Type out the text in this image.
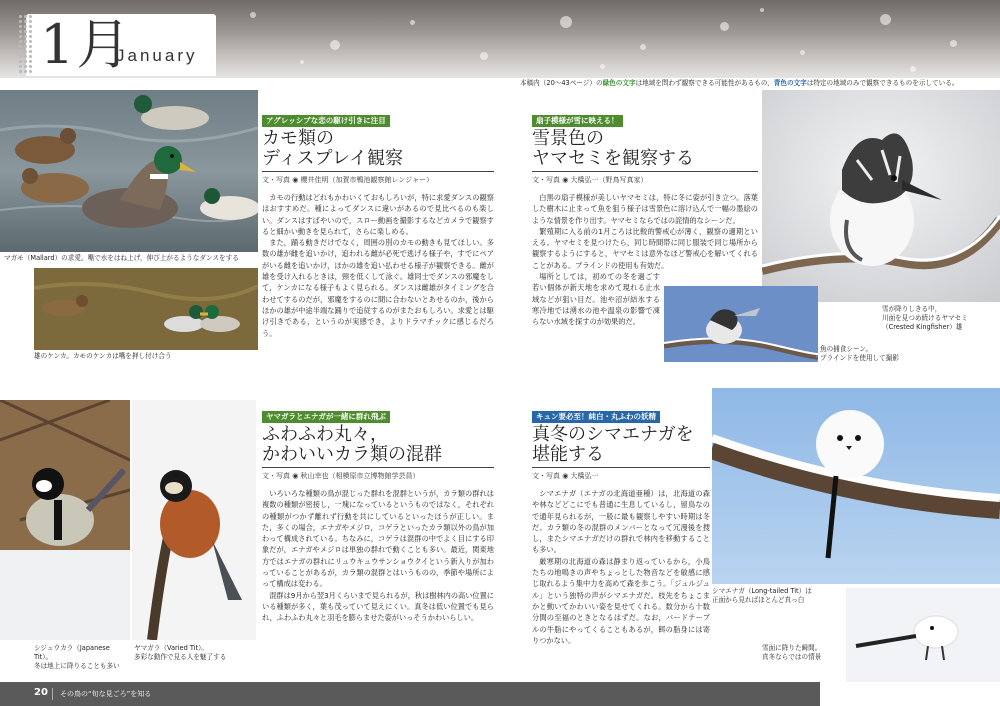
1月
January
本稿内（20～43ページ）の緑色の文字は地域を問わず観察できる可能性があるもの，青色の文字は特定の地域のみで観察できるものを示している。
マガモ（Mallard）の求愛。嘴で水をはね上げ，伸び上がるようなダンスをする
雄のケンカ。カモのケンカは嘴を押し付け合う
アグレッシブな恋の駆け引きに注目
カモ類の
ディスプレイ観察
文・写真 ◉ 櫻井佳明（加賀市鴨池観察館レンジャー）

カモの行動はどれもかわいくておもしろいが，特に求愛ダンスの観察はおすすめだ。種によってダンスに違いがあるので見比べるのも楽しい。ダンスはすばやいので，スロー動画を撮影するなどカメラで観察すると細かい動きを見られて，さらに楽しめる。

また，踊る動きだけでなく，周囲の別のカモの動きも見てほしい。多数の雄が雌を追いかけ，追われる雌が必死で逃げる様子や，すでにペアがいる雌を追いかけ，ほかの雄を追い払わせる様子が観察できる。雌が雄を受け入れるときは，頸を低くして泳ぐ。雄同士でダンスの邪魔をして，ケンカになる様子もよく見られる。ダンスは雌雄がタイミングを合わせてするのだが，邪魔をするのに間に合わないとあせるのか，後からほかの雄が中途半端な踊りで追従するのがまたおもしろい。求愛とは駆け引きである，というのが実感でき，よりドラマチックに感じるだろう。

扇子模様が雪に映える！
雪景色の
ヤマセミを観察する
文・写真 ◉ 大橋弘一（野鳥写真家）

白黒の扇子模様が美しいヤマセミは，特に冬に姿が引き立つ。落葉した樹木に止まって魚を狙う様子は雪景色に溶け込んで一幅の墨絵のような情景を作り出す。ヤマセミならではの詫情的なシーンだ。

繁殖期に入る前の1月ころは比較的警戒心が薄く，観察の適期といえる。ヤマセミを見つけたら，同じ時間帯に同じ服装で同じ場所から観察するようにすると，ヤマセミは意外なほど警戒心を解いてくれることがある。ブラインドの使用も有効だ。

場所としては，初めての冬を過ごす若い個体が新天地を求めて現れる止水域などが狙い目だ。池や沼が結氷する寒冷地では湧水の池や温泉の影響で凍らない水域を探すのが効果的だ。

雪が降りしきる中，
川面を見つめ続けるヤマセミ
（Crested Kingfisher）雄
魚の捕食シーン。
ブラインドを使用して撮影
シジュウカラ（Japanese Tit）。
冬は地上に降りることも多い
ヤマガラ（Varied Tit）。
多彩な動作で見る人を魅了する
ヤマガラとエナガが一緒に群れ飛ぶ
ふわふわ丸々，
かわいいカラ類の混群
文・写真 ◉ 秋山幸也（相模原市立博物館学芸員）

いろいろな種類の鳥が混じった群れを混群というが，カラ類の群れは複数の種類が密接し，一塊になっているというものではなく，それぞれの種類がつかず離れず行動を共にしているといったほうが正しい。また，多くの場合，エナガやメジロ，コゲラといったカラ類以外の鳥が加わって構成されている。ちなみに，コゲラは混群の中でよく目にする印象だが，エナガやメジロは単独の群れで動くことも多い。最近，関東地方ではエナガの群れにリュウキュウサンショウクイという新入りが加わっていることがあるが，カラ類の混群とはいうものの，季節や場所によって構成は変わる。

混群は9月から翌3月くらいまで見られるが，秋は樹林内の高い位置にいる種類が多く，葉も茂っていて見えにくい。真冬は低い位置でも見られ，ふわふわ丸々と羽毛を膨らませた姿がいっそうかわいらしい。

キュン要必至！純白・丸ふわの妖精
真冬のシマエナガを
堪能する
文・写真 ◉ 大橋弘一

シマエナガ（エナガの北海道亜種）は，北海道の森や林などどこにでも普通に生息しているし，留鳥なので通年見られるが，一般に最も観察しやすい時期は冬だ。カラ類の冬の混群のメンバーとなって冗漫後を捜し，またシマエナガだけの群れで林内を移動することも多い。

厳寒期の北海道の森は静まり返っているから，小鳥たちの地鳴きの声やちょっとした物音などを敏感に感じ取れるよう集中力を高めて森を歩こう。「ジュルジュル」という独特の声がシマエナガだ。枝先をちょこまかと動いてかわいい姿を見せてくれる。数分から十数分間の至福のときとなるはずだ。なお，バードテーブルの牛脂にやってくることもあるが，餌の脂身には寄りつかない。

シマエナガ（Long-tailed Tit）は
正面から見ればほとんど真っ白
雪面に降りた瞬間。
真冬ならではの情景
20 その鳥の“旬な見ごろ”を知る
